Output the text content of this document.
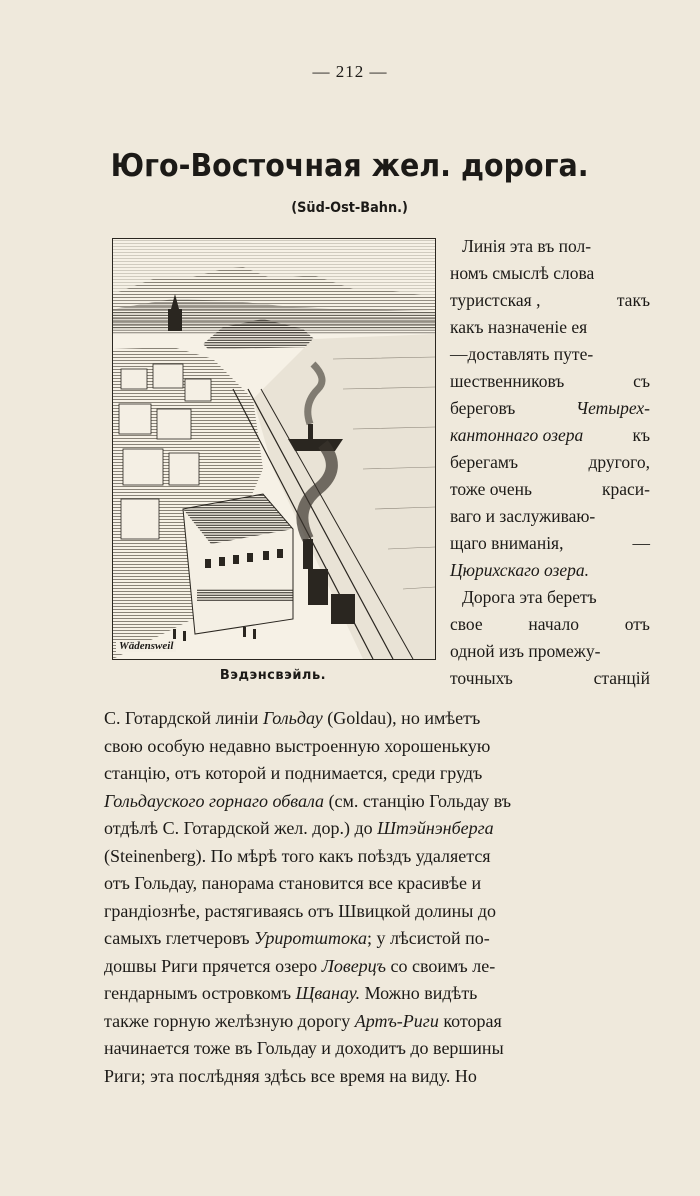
— 212 —
Юго-Восточная жел. дорога.
(Süd-Ost-Bahn.)
Wädensweil
Вэдэнсвэйль.
Линія эта въ пол-
номъ смыслѣ слова
туристская ,	такъ
какъ назначеніе ея
—доставлять путе-
шественниковъ	съ
береговъ	Четырех-
кантоннаго озера	къ
берегамъ	другого,
тоже очень	краси-
ваго и заслуживаю-
щаго вниманія,	—
Цюрихскаго озера.
Дорога эта беретъ
свое	начало	отъ
одной изъ промежу-
точныхъ	станцій
С. Готардской линіи Гольдау (Goldau), но имѣетъ
свою особую недавно выстроенную хорошенькую
станцію, отъ которой и поднимается, среди грудъ
Гольдауского горнаго обвала (см. станцію Гольдау въ
отдѣлѣ С. Готардской жел. дор.) до Штэйнэнберга
(Steinenberg). По мѣрѣ того какъ поѣздъ удаляется
отъ Гольдау, панорама становится все красивѣе и
грандіознѣе, растягиваясь отъ Швицкой долины до
самыхъ глетчеровъ Уриротштока; у лѣсистой по-
дошвы Риги прячется озеро Ловерцъ со своимъ ле-
гендарнымъ островкомъ Щванау. Можно видѣть
также горную желѣзную дорогу Артъ-Риги которая
начинается тоже въ Гольдау и доходитъ до вершины
Риги; эта послѣдняя здѣсь все время на виду. Но
